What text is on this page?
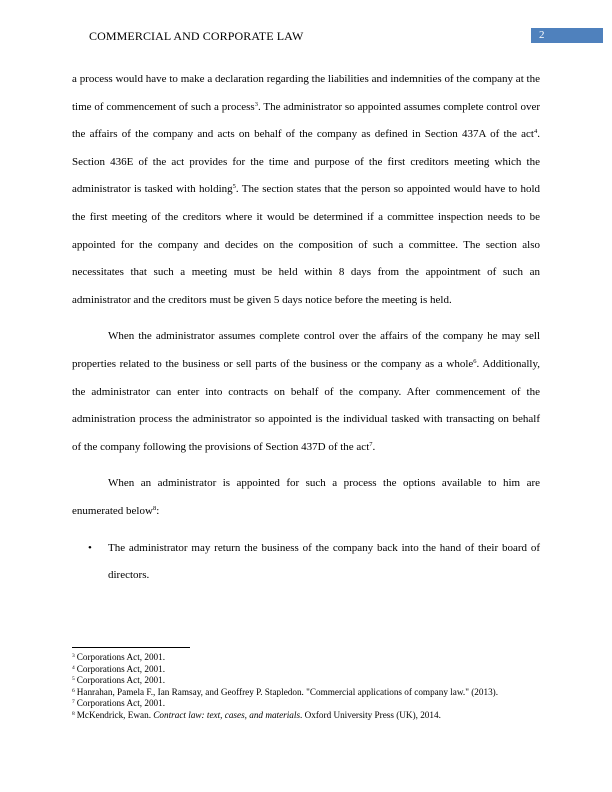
COMMERCIAL AND CORPORATE LAW	2

a process would have to make a declaration regarding the liabilities and indemnities of the company at the time of commencement of such a process$^3$. The administrator so appointed assumes complete control over the affairs of the company and acts on behalf of the company as defined in Section 437A of the act$^4$. Section 436E of the act provides for the time and purpose of the first creditors meeting which the administrator is tasked with holding$^5$. The section states that the person so appointed would have to hold the first meeting of the creditors where it would be determined if a committee inspection needs to be appointed for the company and decides on the composition of such a committee. The section also necessitates that such a meeting must be held within 8 days from the appointment of such an administrator and the creditors must be given 5 days notice before the meeting is held.

When the administrator assumes complete control over the affairs of the company he may sell properties related to the business or sell parts of the business or the company as a whole$^6$. Additionally, the administrator can enter into contracts on behalf of the company. After commencement of the administration process the administrator so appointed is the individual tasked with transacting on behalf of the company following the provisions of Section 437D of the act$^7$.

When an administrator is appointed for such a process the options available to him are enumerated below$^8$:

• The administrator may return the business of the company back into the hand of their board of directors.
$^3$ Corporations Act, 2001.
$^4$ Corporations Act, 2001.
$^5$ Corporations Act, 2001.
$^6$ Hanrahan, Pamela F., Ian Ramsay, and Geoffrey P. Stapledon. "Commercial applications of company law." (2013).
$^7$ Corporations Act, 2001.
$^8$ McKendrick, Ewan. Contract law: text, cases, and materials. Oxford University Press (UK), 2014.
